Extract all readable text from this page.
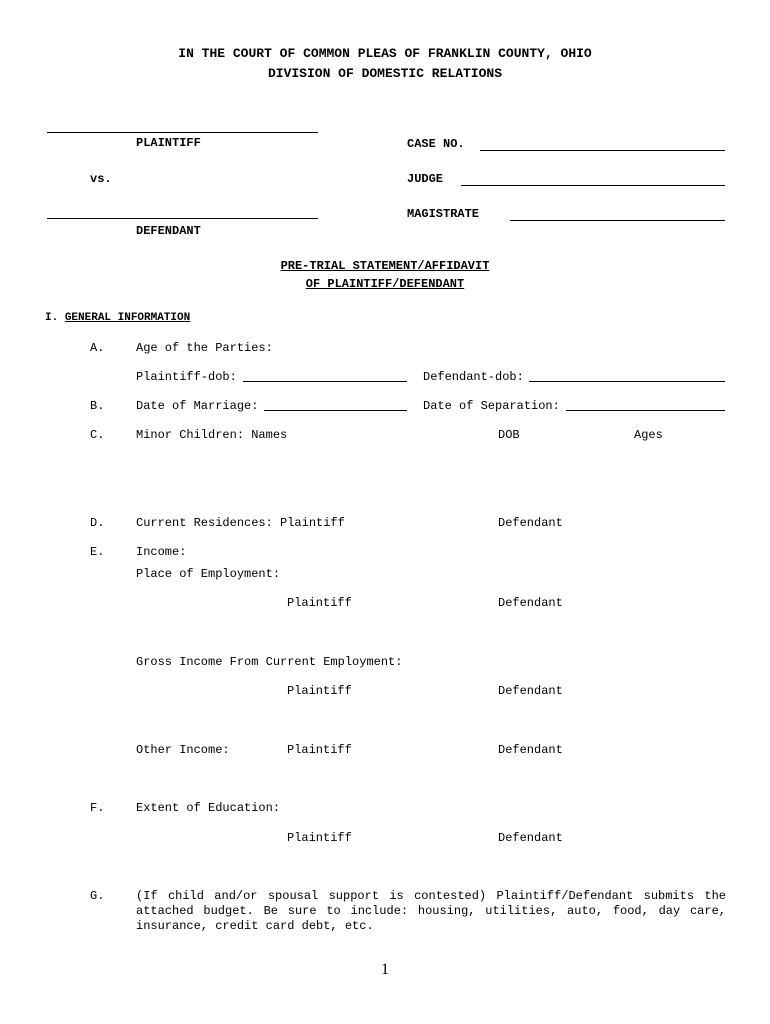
IN THE COURT OF COMMON PLEAS OF FRANKLIN COUNTY, OHIO
DIVISION OF DOMESTIC RELATIONS
PLAINTIFF
vs.
DEFENDANT
CASE NO.
JUDGE
MAGISTRATE
PRE-TRIAL STATEMENT/AFFIDAVIT
OF PLAINTIFF/DEFENDANT
I. GENERAL INFORMATION
A.	Age of the Parties:
Plaintiff-dob:	Defendant-dob:
B.	Date of Marriage:	Date of Separation:
C.	Minor Children: Names	DOB	Ages
D.	Current Residences: Plaintiff	Defendant
E.	Income:
Place of Employment:
Plaintiff	Defendant
Gross Income From Current Employment:
Plaintiff	Defendant
Other Income:	Plaintiff	Defendant
F.	Extent of Education:
Plaintiff	Defendant
G.	(If child and/or spousal support is contested) Plaintiff/Defendant submits the attached budget. Be sure to include: housing, utilities, auto, food, day care, insurance, credit card debt, etc.
1
